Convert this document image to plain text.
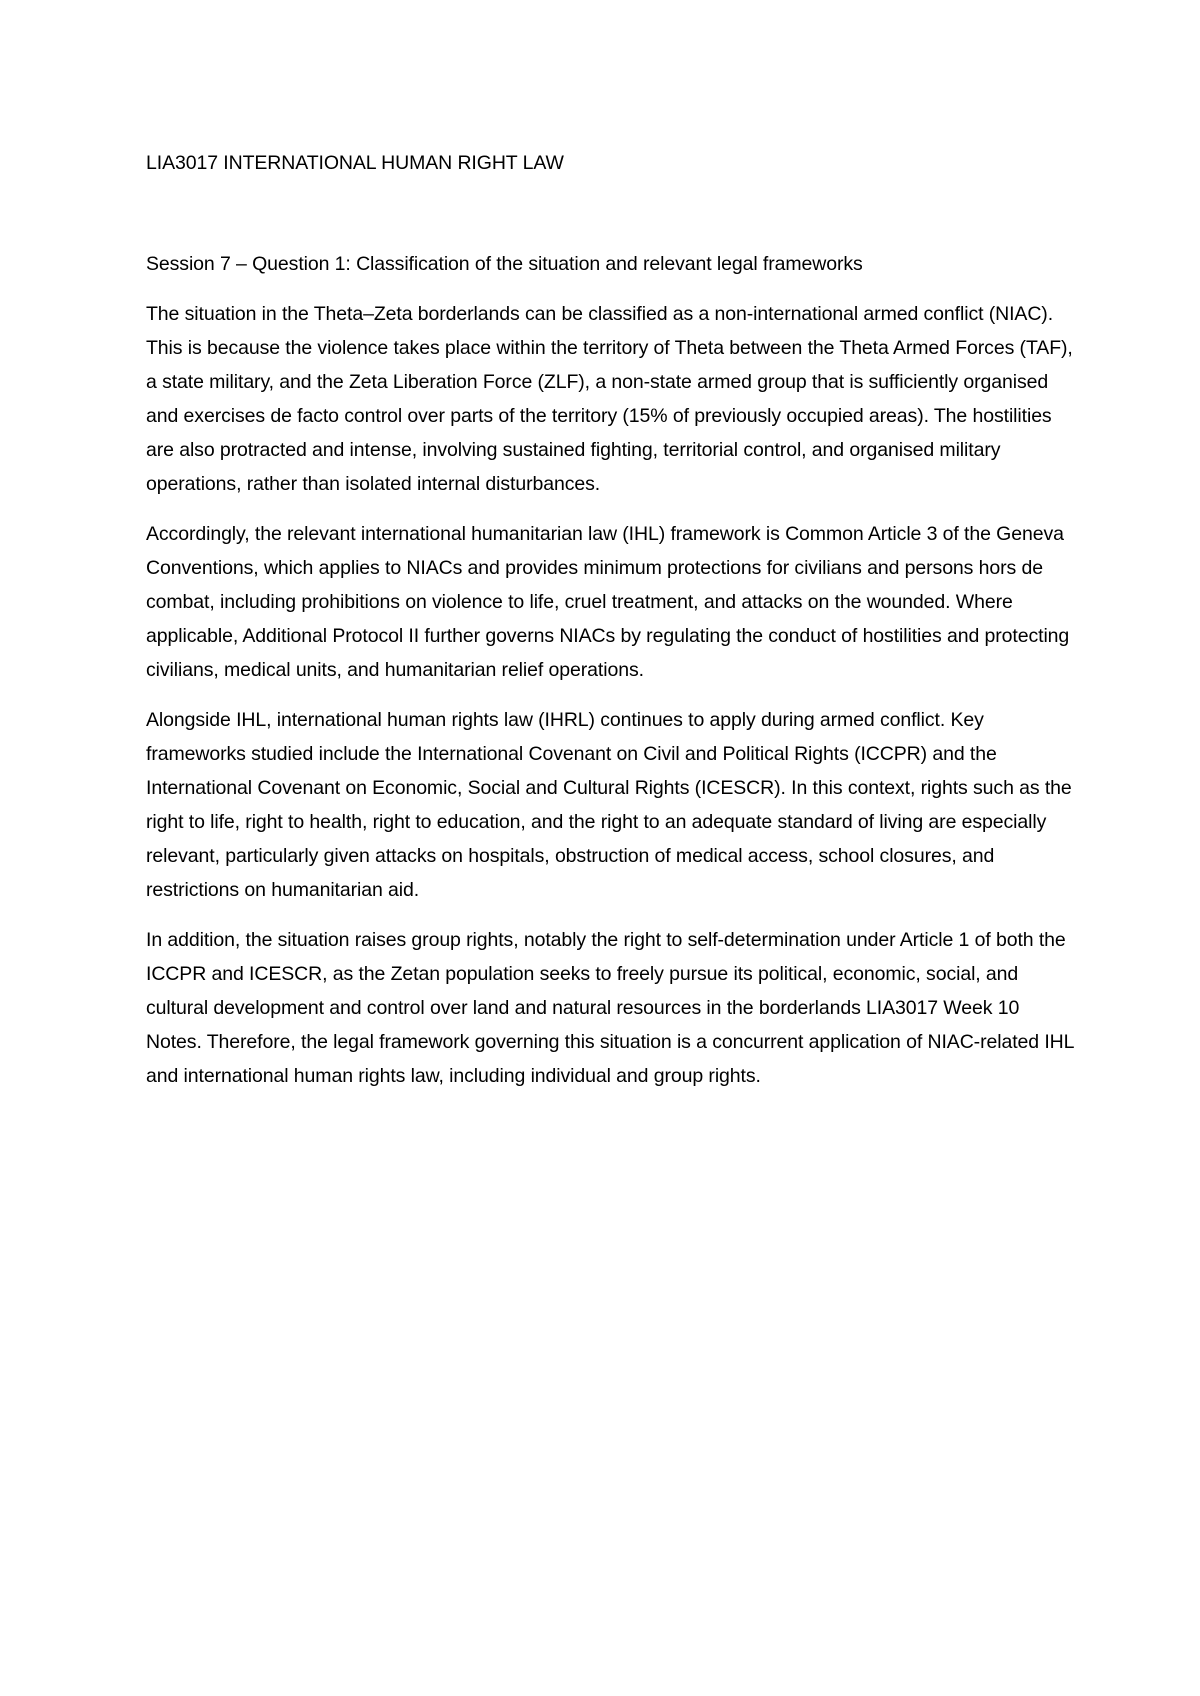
LIA3017 INTERNATIONAL HUMAN RIGHT LAW
Session 7 – Question 1: Classification of the situation and relevant legal frameworks

The situation in the Theta–Zeta borderlands can be classified as a non-international armed conflict (NIAC). This is because the violence takes place within the territory of Theta between the Theta Armed Forces (TAF), a state military, and the Zeta Liberation Force (ZLF), a non-state armed group that is sufficiently organised and exercises de facto control over parts of the territory (15% of previously occupied areas). The hostilities are also protracted and intense, involving sustained fighting, territorial control, and organised military operations, rather than isolated internal disturbances.

Accordingly, the relevant international humanitarian law (IHL) framework is Common Article 3 of the Geneva Conventions, which applies to NIACs and provides minimum protections for civilians and persons hors de combat, including prohibitions on violence to life, cruel treatment, and attacks on the wounded. Where applicable, Additional Protocol II further governs NIACs by regulating the conduct of hostilities and protecting civilians, medical units, and humanitarian relief operations.

Alongside IHL, international human rights law (IHRL) continues to apply during armed conflict. Key frameworks studied include the International Covenant on Civil and Political Rights (ICCPR) and the International Covenant on Economic, Social and Cultural Rights (ICESCR). In this context, rights such as the right to life, right to health, right to education, and the right to an adequate standard of living are especially relevant, particularly given attacks on hospitals, obstruction of medical access, school closures, and restrictions on humanitarian aid.

In addition, the situation raises group rights, notably the right to self-determination under Article 1 of both the ICCPR and ICESCR, as the Zetan population seeks to freely pursue its political, economic, social, and cultural development and control over land and natural resources in the borderlands LIA3017 Week 10 Notes. Therefore, the legal framework governing this situation is a concurrent application of NIAC-related IHL and international human rights law, including individual and group rights.
